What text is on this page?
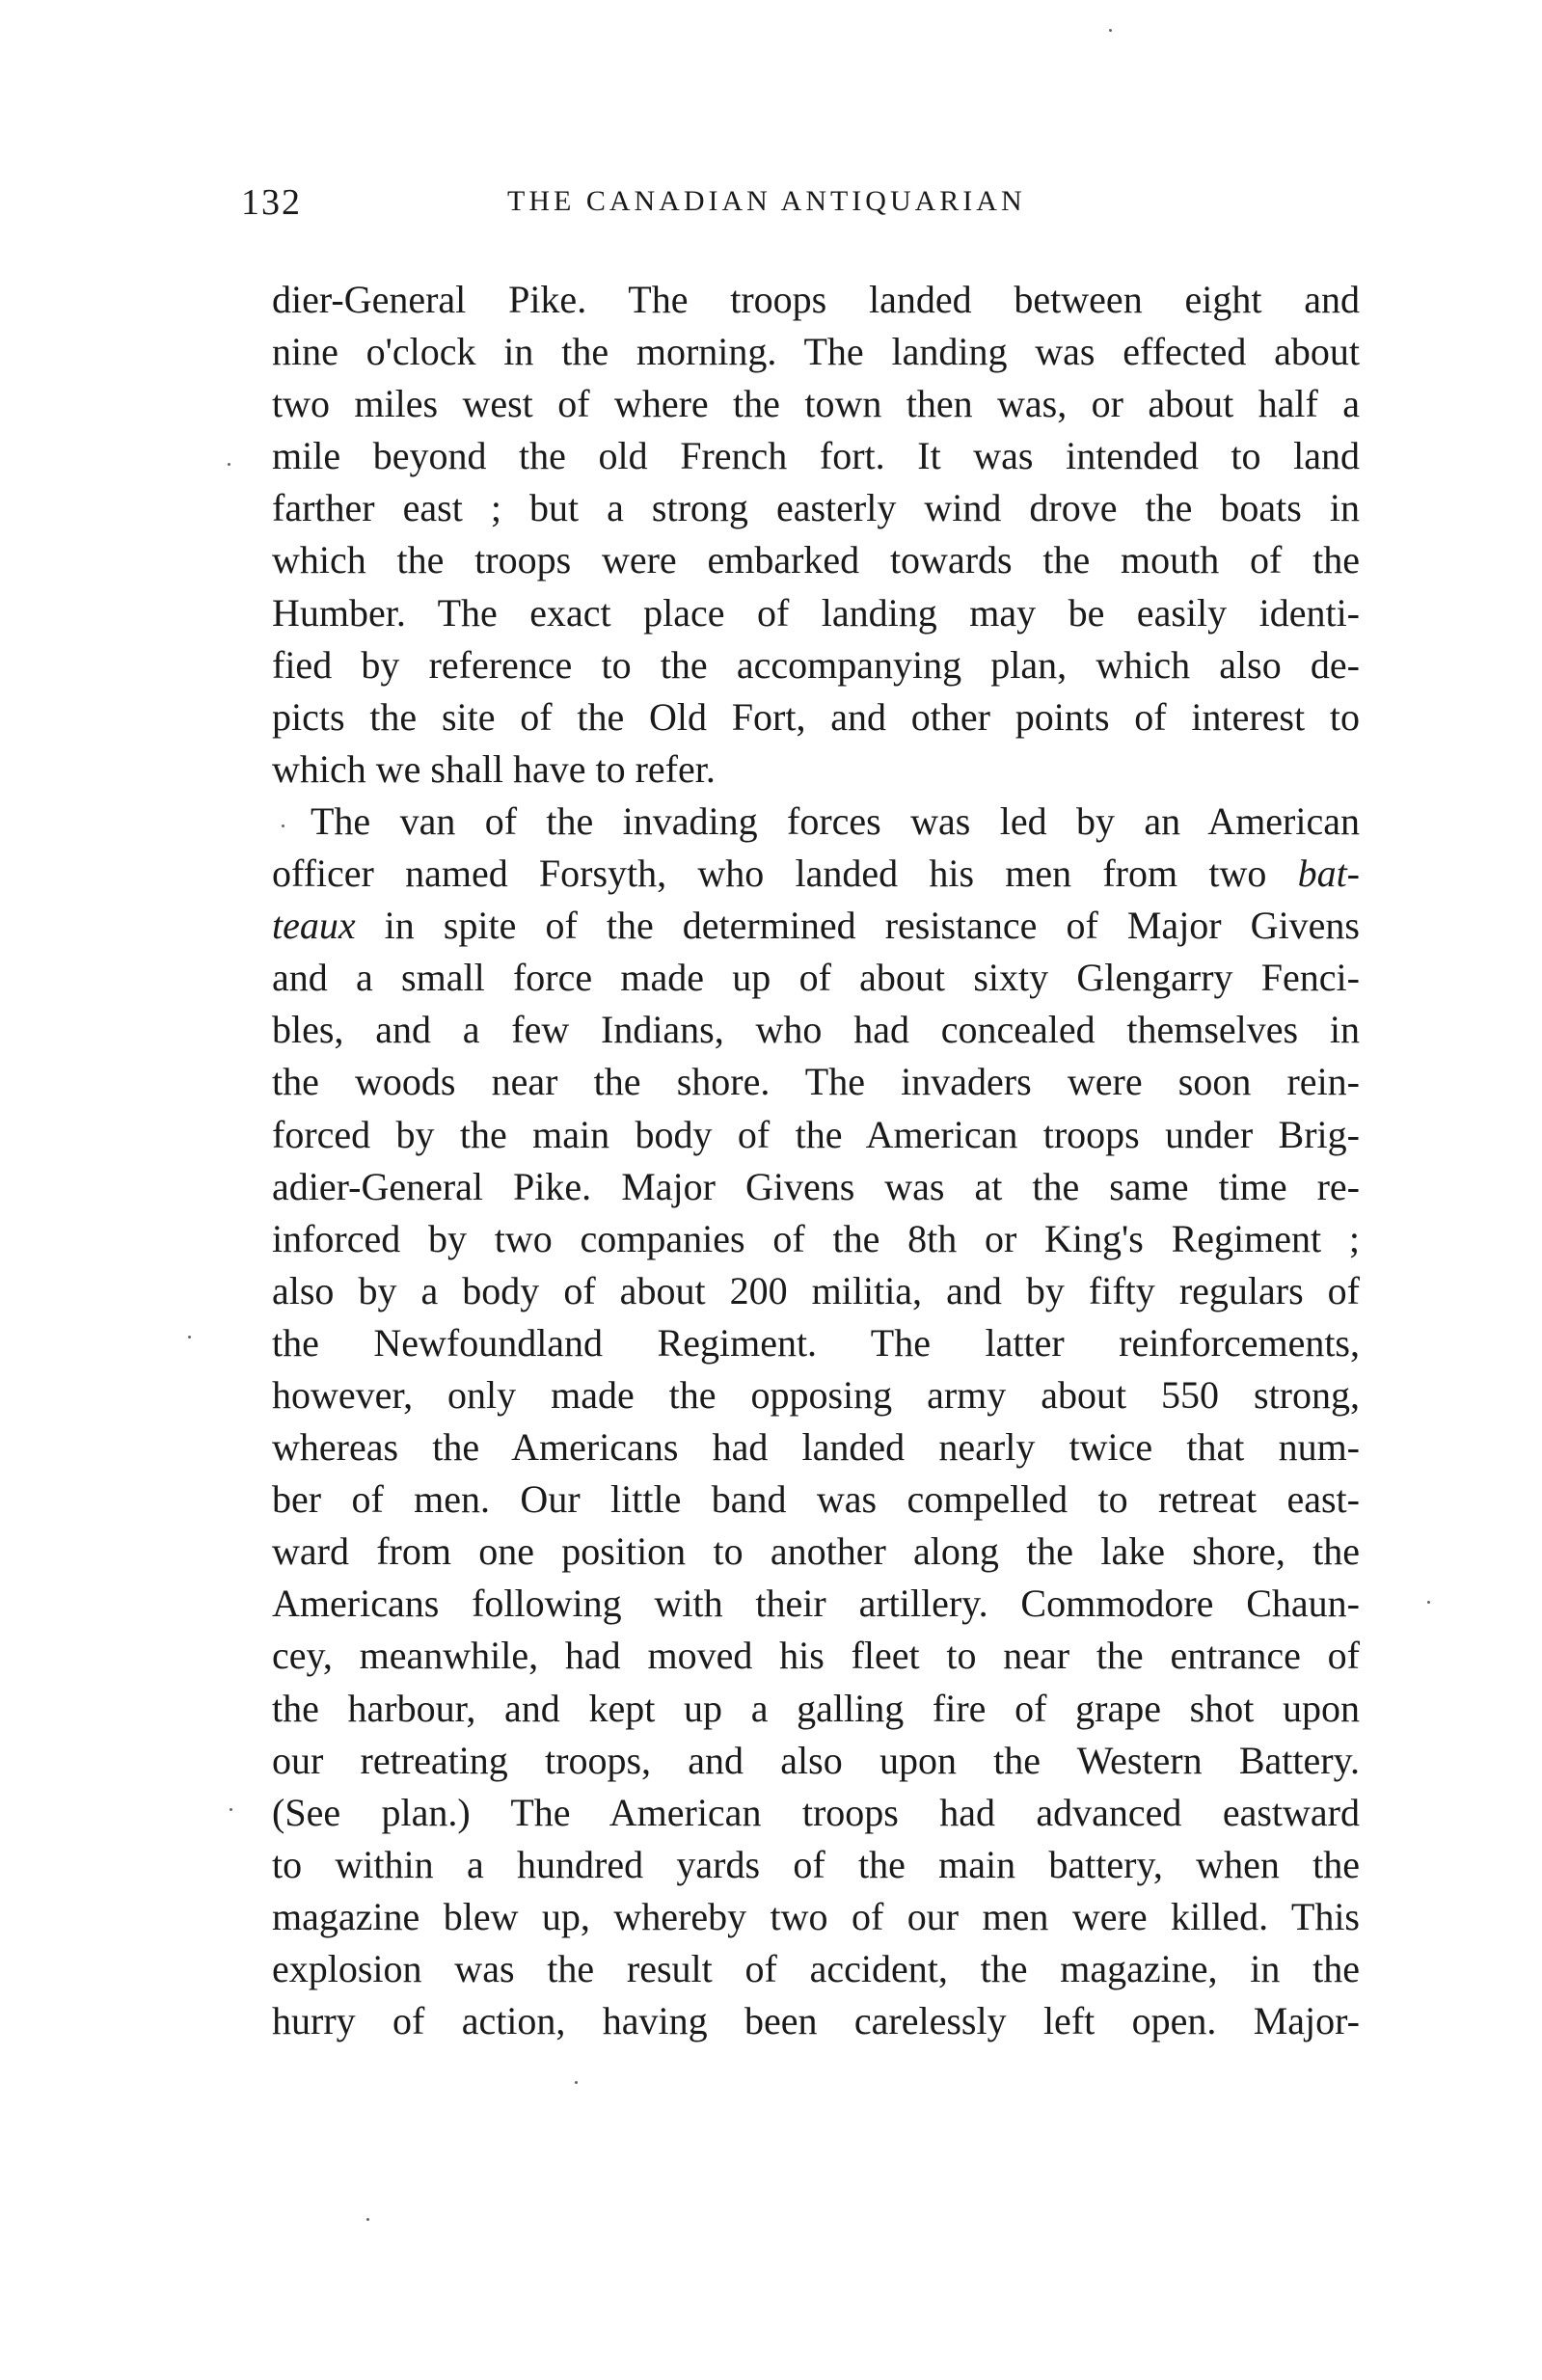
132	THE CANADIAN ANTIQUARIAN
dier-General Pike. The troops landed between eight and
nine o'clock in the morning. The landing was effected about
two miles west of where the town then was, or about half a
mile beyond the old French fort. It was intended to land
farther east ; but a strong easterly wind drove the boats in
which the troops were embarked towards the mouth of the
Humber. The exact place of landing may be easily identi-
fied by reference to the accompanying plan, which also de-
picts the site of the Old Fort, and other points of interest to
which we shall have to refer.
The van of the invading forces was led by an American
officer named Forsyth, who landed his men from two bat-
teaux in spite of the determined resistance of Major Givens
and a small force made up of about sixty Glengarry Fenci-
bles, and a few Indians, who had concealed themselves in
the woods near the shore. The invaders were soon rein-
forced by the main body of the American troops under Brig-
adier-General Pike. Major Givens was at the same time re-
inforced by two companies of the 8th or King's Regiment ;
also by a body of about 200 militia, and by fifty regulars of
the Newfoundland Regiment. The latter reinforcements,
however, only made the opposing army about 550 strong,
whereas the Americans had landed nearly twice that num-
ber of men. Our little band was compelled to retreat east-
ward from one position to another along the lake shore, the
Americans following with their artillery. Commodore Chaun-
cey, meanwhile, had moved his fleet to near the entrance of
the harbour, and kept up a galling fire of grape shot upon
our retreating troops, and also upon the Western Battery.
(See plan.) The American troops had advanced eastward
to within a hundred yards of the main battery, when the
magazine blew up, whereby two of our men were killed. This
explosion was the result of accident, the magazine, in the
hurry of action, having been carelessly left open. Major-
